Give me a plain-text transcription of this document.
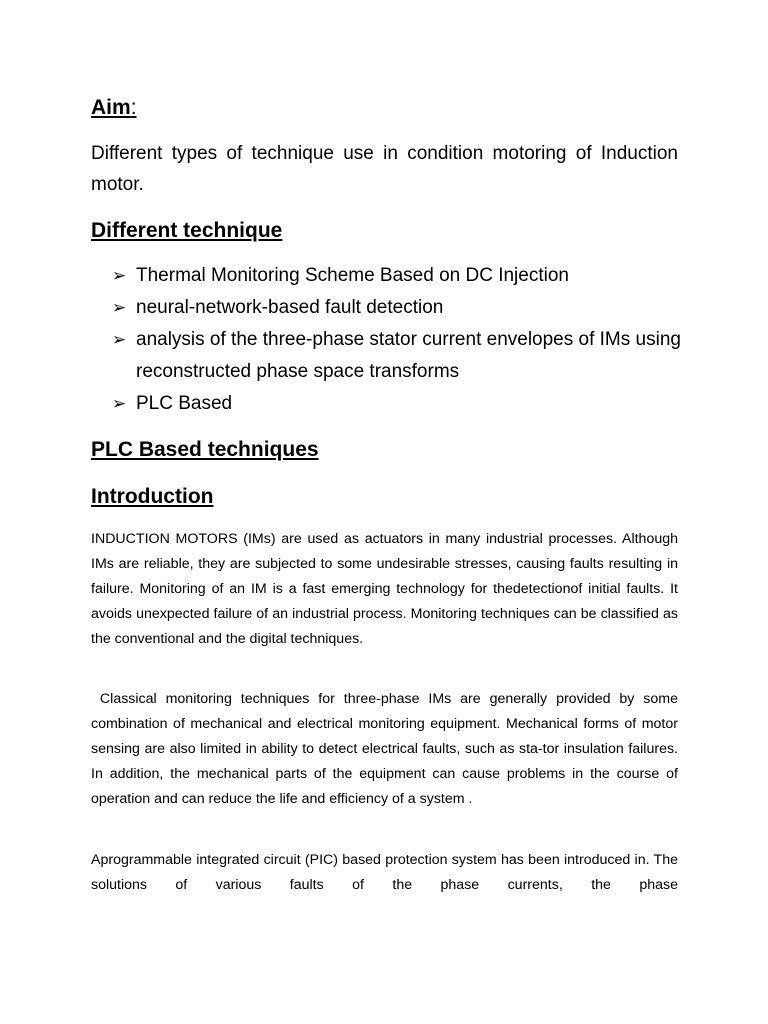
Aim:
Different types of technique use in condition motoring of Induction motor.
Different technique
➢ Thermal Monitoring Scheme Based on DC Injection
➢ neural-network-based fault detection
➢ analysis of the three-phase stator current envelopes of IMs using reconstructed phase space transforms
➢ PLC Based
PLC Based techniques
Introduction
INDUCTION MOTORS (IMs) are used as actuators in many industrial processes. Although IMs are reliable, they are subjected to some undesirable stresses, causing faults resulting in failure. Monitoring of an IM is a fast emerging technology for thedetectionof initial faults. It avoids unexpected failure of an industrial process. Monitoring techniques can be classified as the conventional and the digital techniques.
Classical monitoring techniques for three-phase IMs are generally provided by some combination of mechanical and electrical monitoring equipment. Mechanical forms of motor sensing are also limited in ability to detect electrical faults, such as sta-tor insulation failures. In addition, the mechanical parts of the equipment can cause problems in the course of operation and can reduce the life and efficiency of a system .
Aprogrammable integrated circuit (PIC) based protection system has been introduced in. The solutions of various faults of the phase currents, the phase
